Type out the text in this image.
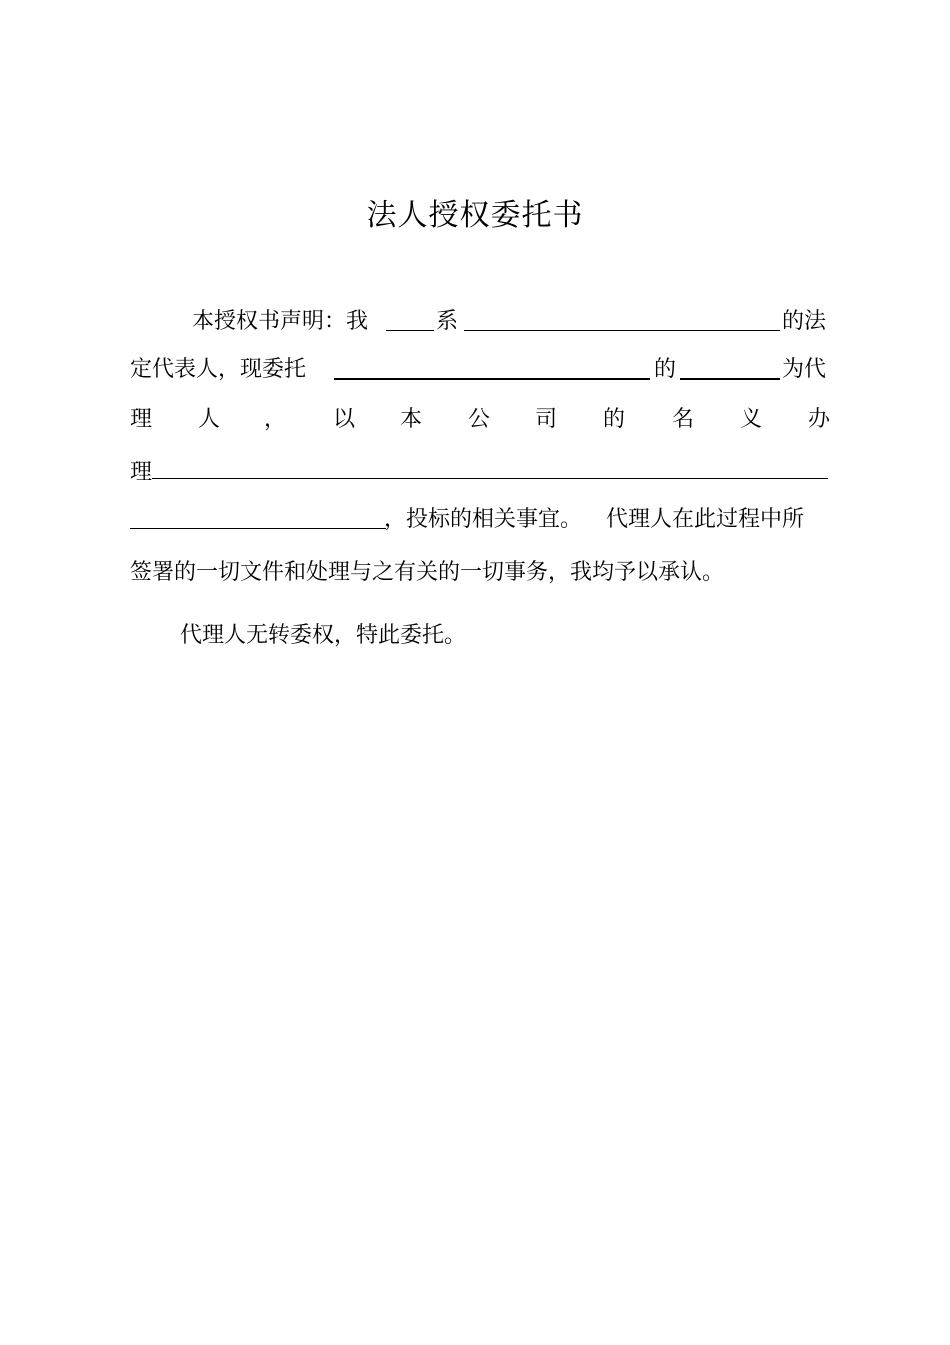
法人授权委托书
本授权书声明：我	系	的法
定代表人，现委托	的	为代
理 人 ， 以 本 公 司 的 名 义 办
理
，投标的相关事宜。 代理人在此过程中所
签署的一切文件和处理与之有关的一切事务，我均予以承认。
代理人无转委权，特此委托。
